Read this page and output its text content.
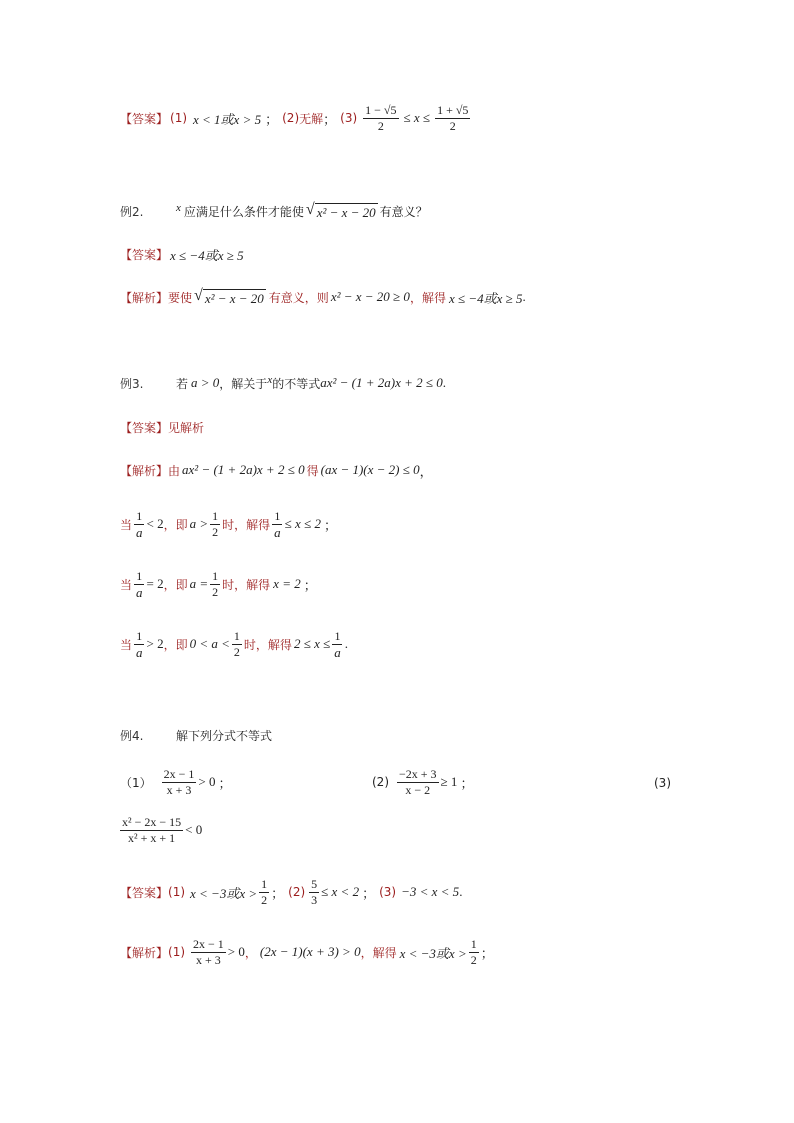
【答案】 (1) x < 1或x > 5 ； (2) 无解 ； $(3) \frac{1 - √5}{2} \le x \le \frac{1 + √5}{2}$
例2.	x 应满足什么条件才能使 √ x² − x − 20 有意义？
【答案】 x ≤ −4或x ≥ 5
【解析】 要使 √ x² − x − 20 有意义，则 x² − x − 20 ≥ 0 ，解得 x ≤ −4或x ≥ 5 .
例3.	若 a > 0 ，解关于 x 的不等式 ax² − (1 + 2a)x + 2 ≤ 0 .
【答案】 见解析
【解析】 由 ax² − (1 + 2a)x + 2 ≤ 0 得 (ax − 1)(x − 2) ≤ 0 ，
当 $\frac{1}{a} < 2$ ，即 $a > \frac{1}{2}$ 时，解得 $\frac{1}{a} \le x \le 2$ ；
当 $\frac{1}{a} = 2$ ，即 $a = \frac{1}{2}$ 时，解得 x = 2 ；
当 $\frac{1}{a} > 2$ ，即 $0 < a < \frac{1}{2}$ 时，解得 $2 \le x \le \frac{1}{a}$ .
例4.	解下列分式不等式
$(1) \frac{2x - 1}{x + 3} > 0$ ；	$(2) \frac{-2x + 3}{x - 2} \ge 1$ ；	(3)
$\frac{\text{x² − 2x − 15}}{\text{x² + x + 1}} < 0$
【答案】 (1) x < −3或$x > \frac{1}{2}$ ； $(2) \frac{5}{3} \le x < 2$ ； (3) −3 < x < 5 .
【解析】 $(1) \frac{2x - 1}{x + 3} > 0$ ， (2x − 1)(x + 3) > 0 ，解得 x < −3或$x > \frac{1}{2}$ ；
